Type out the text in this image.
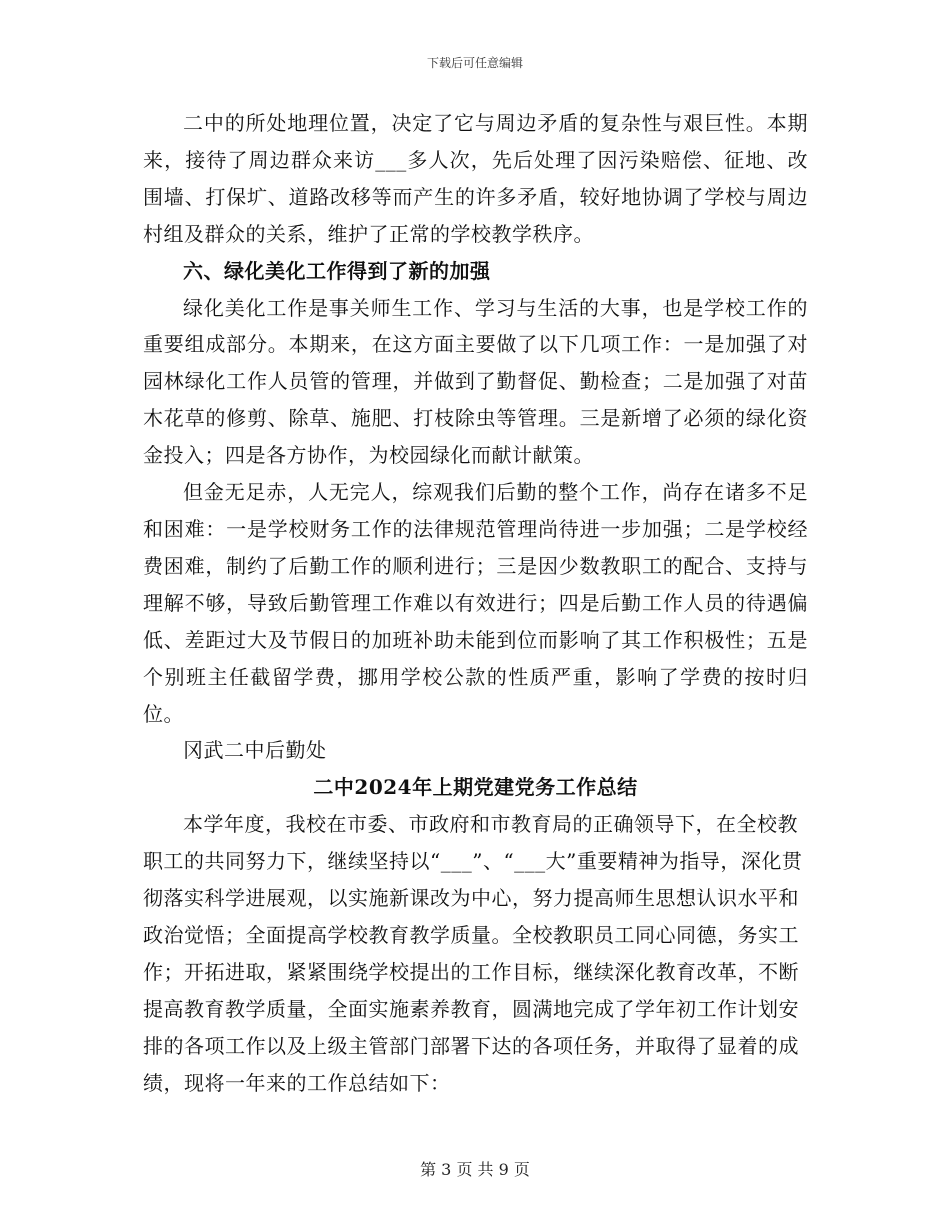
下载后可任意编辑

二中的所处地理位置，决定了它与周边矛盾的复杂性与艰巨性。本期来，接待了周边群众来访___多人次，先后处理了因污染赔偿、征地、改围墙、打保圹、道路改移等而产生的许多矛盾，较好地协调了学校与周边村组及群众的关系，维护了正常的学校教学秩序。

六、绿化美化工作得到了新的加强

绿化美化工作是事关师生工作、学习与生活的大事，也是学校工作的重要组成部分。本期来，在这方面主要做了以下几项工作：一是加强了对园林绿化工作人员管的管理，并做到了勤督促、勤检查；二是加强了对苗木花草的修剪、除草、施肥、打枝除虫等管理。三是新增了必须的绿化资金投入；四是各方协作，为校园绿化而献计献策。

但金无足赤，人无完人，综观我们后勤的整个工作，尚存在诸多不足和困难：一是学校财务工作的法律规范管理尚待进一步加强；二是学校经费困难，制约了后勤工作的顺利进行；三是因少数教职工的配合、支持与理解不够，导致后勤管理工作难以有效进行；四是后勤工作人员的待遇偏低、差距过大及节假日的加班补助未能到位而影响了其工作积极性；五是个别班主任截留学费，挪用学校公款的性质严重，影响了学费的按时归位。

冈武二中后勤处

二中2024年上期党建党务工作总结

本学年度，我校在市委、市政府和市教育局的正确领导下，在全校教职工的共同努力下，继续坚持以“___”、“___大”重要精神为指导，深化贯彻落实科学进展观，以实施新课改为中心，努力提高师生思想认识水平和政治觉悟；全面提高学校教育教学质量。全校教职员工同心同德，务实工作；开拓进取，紧紧围绕学校提出的工作目标，继续深化教育改革，不断提高教育教学质量，全面实施素养教育，圆满地完成了学年初工作计划安排的各项工作以及上级主管部门部署下达的各项任务，并取得了显着的成绩，现将一年来的工作总结如下：

第 3 页 共 9 页
